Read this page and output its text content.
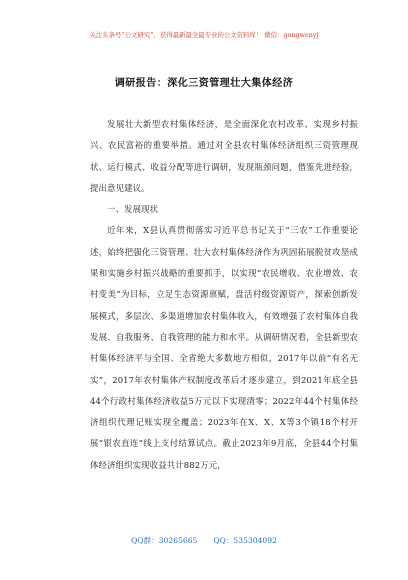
关注头条号“公文研究”，获得最新最全最专业的公文资料库！ 微信：gongwenyj
调研报告：深化三资管理壮大集体经济

发展壮大新型农村集体经济，是全面深化农村改革、实现乡村振兴、农民富裕的重要举措。通过对全县农村集体经济组织三资管理现状、运行模式、收益分配等进行调研，发现瓶颈问题，借鉴先进经验，提出意见建议。

一、发展现状

近年来，X县认真贯彻落实习近平总书记关于“三农”工作重要论述，始终把强化三资管理、壮大农村集体经济作为巩固拓展脱贫攻坚成果和实施乡村振兴战略的重要抓手，以实现“农民增收、农业增效、农村变美”为目标，立足生态资源禀赋，盘活村级资源资产，探索创新发展模式，多层次、多渠道增加农村集体收入，有效增强了农村集体自我发展、自我服务、自我管理的能力和水平。从调研情况看，全县新型农村集体经济平与全国、全省绝大多数地方相似，2017年以前“有名无实”，2017年农村集体产权制度改革后才逐步建立，到2021年底全县44个行政村集体经济收益5万元以下实现清零；2022年44个村集体经济组织代理记账实现全覆盖；2023年在X、X、X等3个镇18个村开展“银农直连”线上支付结算试点。截止2023年9月底，全县44个村集体经济组织实现收益共计882万元，

QQ群：30265665 QQ：535304092
